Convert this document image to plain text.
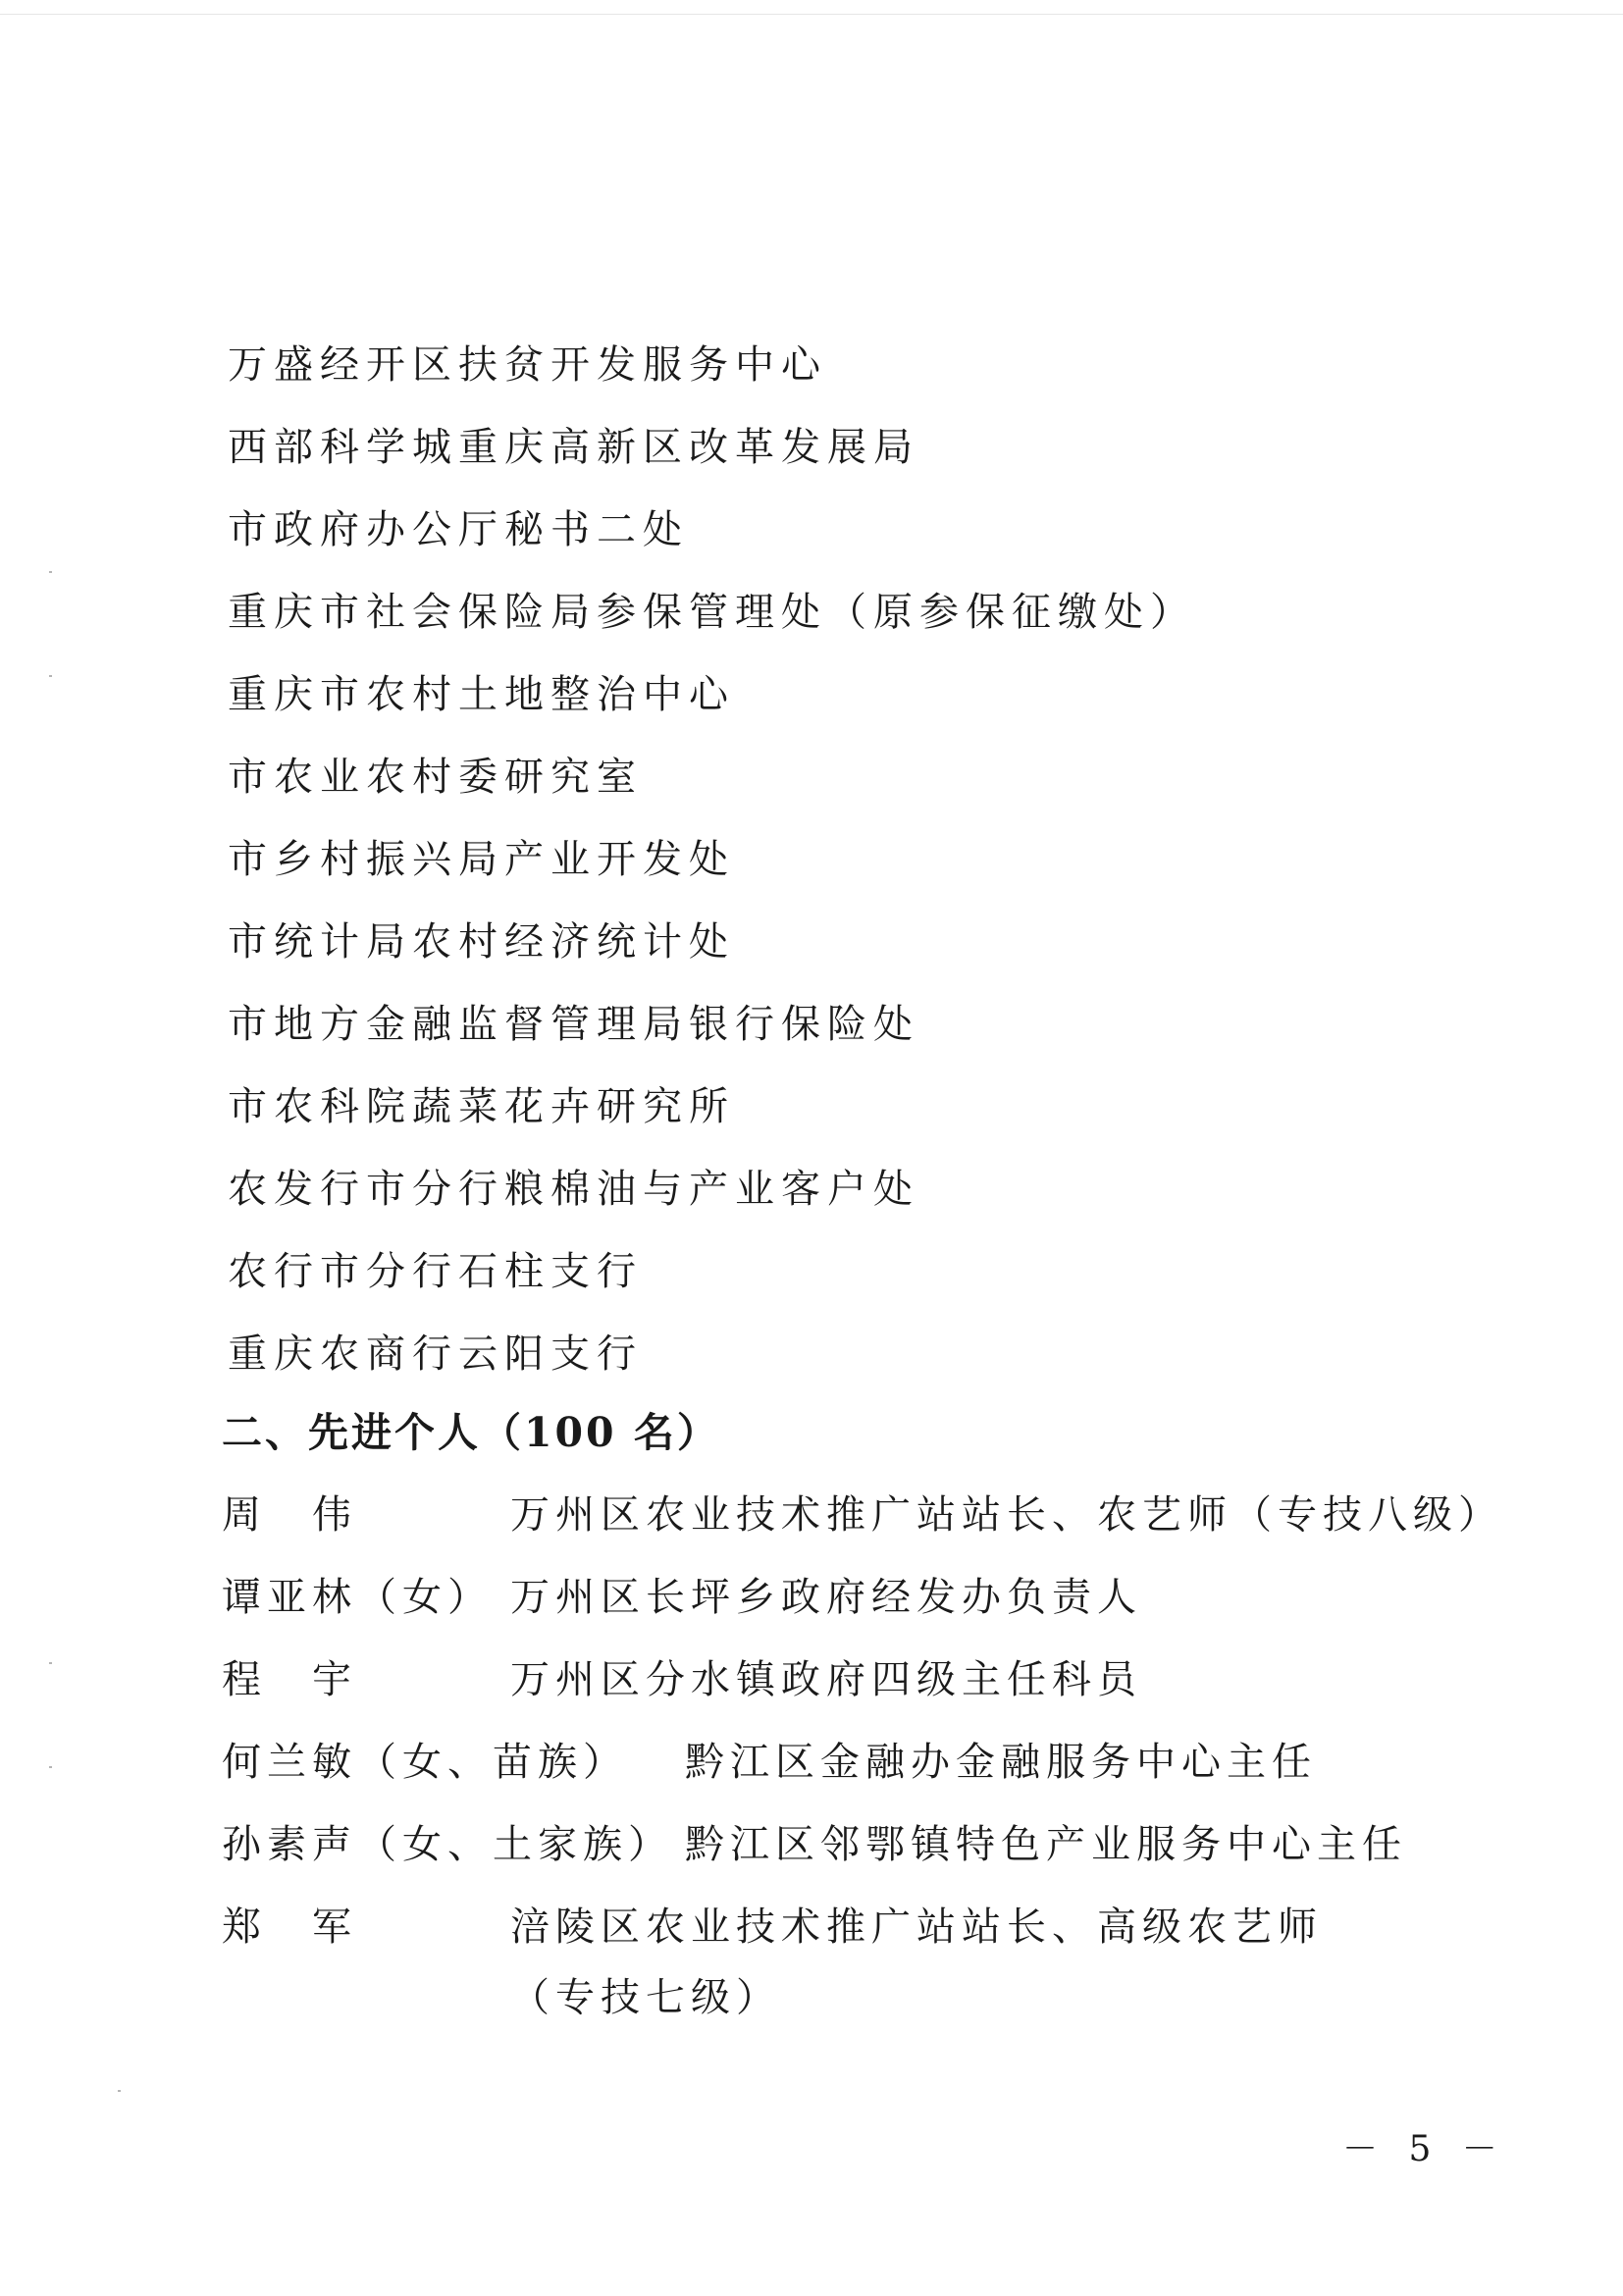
万盛经开区扶贫开发服务中心
西部科学城重庆高新区改革发展局
市政府办公厅秘书二处
重庆市社会保险局参保管理处（原参保征缴处）
重庆市农村土地整治中心
市农业农村委研究室
市乡村振兴局产业开发处
市统计局农村经济统计处
市地方金融监督管理局银行保险处
市农科院蔬菜花卉研究所
农发行市分行粮棉油与产业客户处
农行市分行石柱支行
重庆农商行云阳支行
二、先进个人（100 名）
周　伟	万州区农业技术推广站站长、农艺师（专技八级）
谭亚林（女） 万州区长坪乡政府经发办负责人
程　宇	万州区分水镇政府四级主任科员
何兰敏（女、苗族） 黔江区金融办金融服务中心主任
孙素声（女、土家族） 黔江区邻鄂镇特色产业服务中心主任
郑　军	涪陵区农业技术推广站站长、高级农艺师
（专技七级）
－ 5 －
